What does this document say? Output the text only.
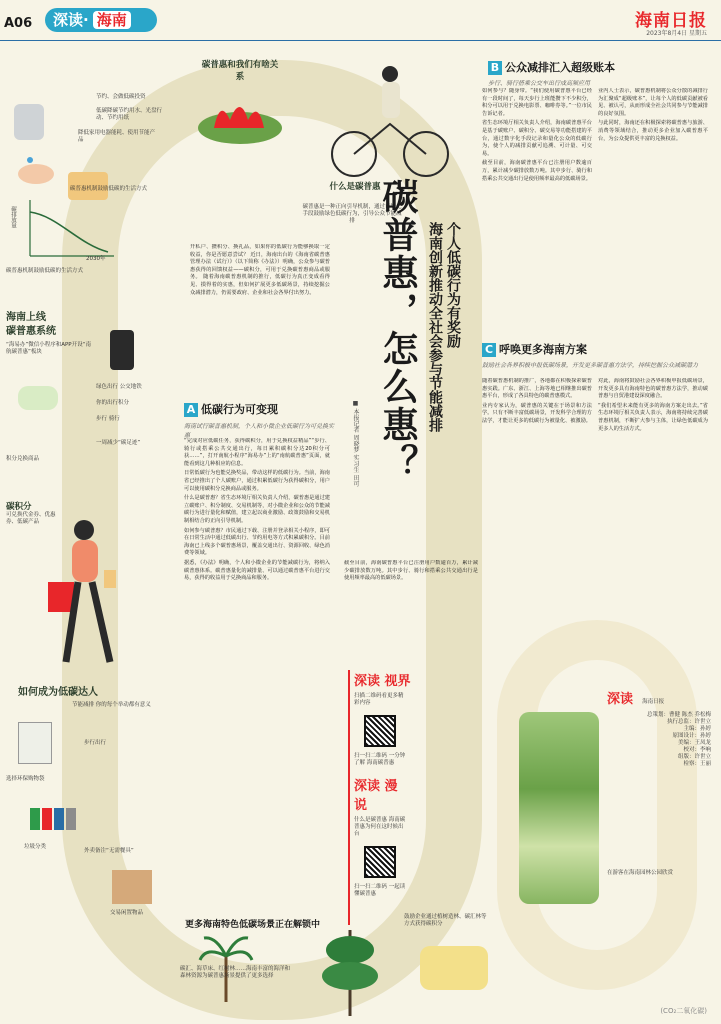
A06	深读· 海南	海南日报
2023年8月4日 星期五
节约、会做低碳投资
低碳降碳节约用水、光盘行动、节约用纸
降低家用电器能耗、使用节能产品
碳普惠机制鼓励低碳的生活方式
碳排放量
2030年
碳普惠机制鼓励低碳的生活方式
海南上线
碳普惠系统
“海易办”微信小程序和APP开设“南航碳普惠”板块
绿色出行 公交地铁
你的出行积分
步行 骑行
一周减少“碳足迹”
积分兑换商品
碳积分
可兑换代金券、优惠券、低碳产品
如何成为低碳达人
节能减排 你的每个举动都有意义
步行出行
选择环保购物袋
垃圾分类
外卖备注“无需餐具”
交易闲置物品
碳普惠和我们有啥关系
什么是碳普惠
碳普惠是一种正向引导机制，通过市场化手段鼓励绿色低碳行为，引导公众节能减排 碳普惠，怎么惠？ 个人低碳行为有奖励
海南创新推动全社会参与节能减排
■ 本报记者 周晓梦 实习生 田可
开私户、攒积分、换礼品，如果你的低碳行为能够换取一定收益，你是否愿意尝试？ 近日，海南出台的《海南省碳普惠管理办法（试行）》（以下简称《办法》）明确，公众参与碳普惠获得的回馈权益——碳积分，可用于兑换碳普惠商品或服务。 随着海南碳普惠机制的推行，低碳行为真正变成看得见、摸得着的实惠，但如何扩展更多低碳场景，持续挖掘公众减排潜力，仍需要政府、企业和社会各界付出努力。
A 低碳行为可变现
海南试行碳普惠机制，个人和小微企业低碳行为可兑换实惠

“完成对应低碳任务，获得碳积分，用于兑换权益精品”“步行、骑行或搭乘公共交通出行，每日累积碳积分达20积分可获……”，打开南航小程序“海易办”上的“南航碳普惠”页面，就能看到这几种相应的信息。

日常低碳行为也能兑换奖品，带动这样的低碳行为。当前，海南省已经推出了个人碳账户，通过积累低碳行为获得碳积分，用户可以使用碳积分兑换商品或服务。

什么是碳普惠？省生态环境厅相关负责人介绍，碳普惠是通过建立碳账户、积分制度、交易机制等，对小微企业和公众的节能减碳行为进行量化和赋值，建立起以商业激励、政策鼓励和交易机制相结合的正向引导机制。

如何参与碳普惠？市民通过下载、注册并登录相关小程序，即可在日常生活中通过低碳出行、节约用电等方式积累碳积分。目前海南已上线多个碳普惠场景，覆盖交通出行、资源回收、绿色消费等领域。

据悉，《办法》明确，个人和小微企业的节能减碳行为，将纳入碳普惠体系。碳普惠量化的减排量、可以通过碳普惠平台进行交易，获得的收益用于兑换商品和服务。

B 公众减排汇入超级账本
步行、骑行搭乘公交车出行成高频应用

如何参与？随身带。“我们使用碳普惠平台已经有一段时间了，每天步行上班能攒下不少积分，积分可以用于兑换电影票、咖啡券等。”一位市民告诉记者。

省生态环境厅相关负责人介绍，海南碳普惠平台是基于碳账户、碳积分、碳交易等功能搭建的平台，通过数字化手段记录和量化公众的低碳行为，使个人的减排贡献可追溯、可计量、可交易。

截至目前，海南碳普惠平台已注册用户数逾百万，累计减少碳排放数万吨。其中步行、骑行和搭乘公共交通出行是使用频率最高的低碳场景。

业内人士表示，碳普惠机制将公众分散的减排行为汇聚成“超级账本”，让每个人的低碳贡献被看见、被认可，从而形成全社会共同参与节能减排的良好氛围。

与此同时，海南还在积极探索将碳普惠与旅游、消费等领域结合，推动更多企业加入碳普惠平台，为公众提供更丰富的兑换权益。

C 呼唤更多海南方案
鼓励社会各界积极申报低碳场景，开发更多碳普惠方法学，持续挖掘公众减碳潜力

随着碳普惠机制的推广，各地都在积极探索碳普惠实践。广东、浙江、上海等地已相继推出碳普惠平台，形成了各具特色的碳普惠模式。

业内专家认为，碳普惠的关键在于场景和方法学。只有不断丰富低碳场景，开发科学合理的方法学，才能让更多的低碳行为被量化、被激励。

对此，海南将鼓励社会各界积极申报低碳场景，开发更多具有海南特色的碳普惠方法学，推动碳普惠与自贸港建设深度融合。

“我们希望未来能有更多的海南方案走出去。”省生态环境厅相关负责人表示，海南将持续完善碳普惠机制，不断扩大参与主体，让绿色低碳成为更多人的生活方式。

截至目前，海南碳普惠平台已注册用户数逾百万，累计减少碳排放数万吨。其中步行、骑行和搭乘公共交通出行是使用频率最高的低碳场景。
深读 视界
扫描二维码看更多精彩内容
扫一扫二维码 一分钟了解 海南碳普惠
深读 漫说
什么是碳普惠 海南碳普惠为何在这时候出台
扫一扫二维码 一起读懂碳普惠
更多海南特色低碳场景正在解锁中
碳汇、海草床、红树林……海南丰富的海洋和森林资源为碳普惠场景提供了更多选择
鼓励企业通过植树造林、碳汇林等方式获得碳积分
深读 海南日报
总策划：曹健 陈杰 乔松梅
执行总监：许世立
主编：孙婷
原图设计：孙婷
美编：王凤龙
校对：李响
组版：许世立
检察：王丽
在游客在海南园林公园欣赏
(CO₂二氧化碳)
